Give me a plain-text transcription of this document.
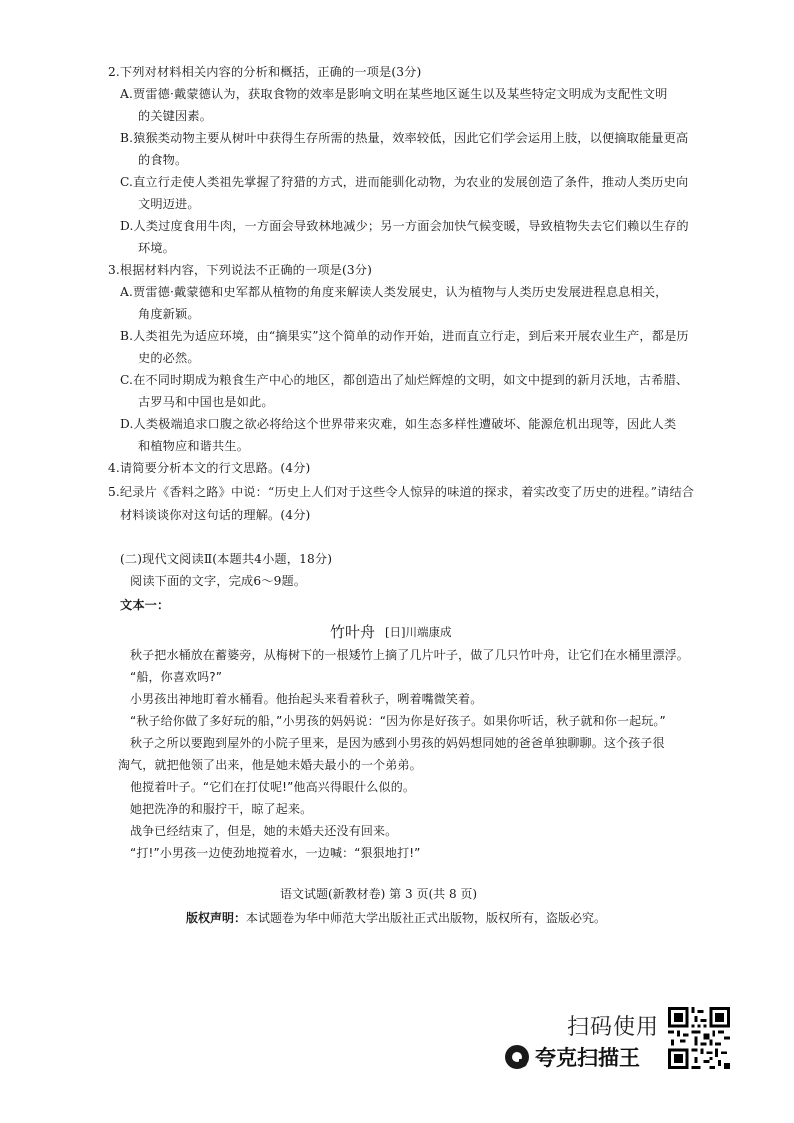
2.下列对材料相关内容的分析和概括，正确的一项是(3分)
A.贾雷德·戴蒙德认为，获取食物的效率是影响文明在某些地区诞生以及某些特定文明成为支配性文明
的关键因素。
B.猿猴类动物主要从树叶中获得生存所需的热量，效率较低，因此它们学会运用上肢，以便摘取能量更高
的食物。
C.直立行走使人类祖先掌握了狩猎的方式，进而能驯化动物，为农业的发展创造了条件，推动人类历史向
文明迈进。
D.人类过度食用牛肉，一方面会导致林地减少；另一方面会加快气候变暖，导致植物失去它们赖以生存的
环境。
3.根据材料内容，下列说法不正确的一项是(3分)
A.贾雷德·戴蒙德和史军都从植物的角度来解读人类发展史，认为植物与人类历史发展进程息息相关，
角度新颖。
B.人类祖先为适应环境，由“摘果实”这个简单的动作开始，进而直立行走，到后来开展农业生产，都是历
史的必然。
C.在不同时期成为粮食生产中心的地区，都创造出了灿烂辉煌的文明，如文中提到的新月沃地，古希腊、
古罗马和中国也是如此。
D.人类极端追求口腹之欲必将给这个世界带来灾难，如生态多样性遭破坏、能源危机出现等，因此人类
和植物应和谐共生。
4.请简要分析本文的行文思路。(4分)
5.纪录片《香料之路》中说：“历史上人们对于这些令人惊异的味道的探求，着实改变了历史的进程。”请结合
材料谈谈你对这句话的理解。(4分)
(二)现代文阅读Ⅱ(本题共4小题，18分)
阅读下面的文字，完成6～9题。
文本一：
竹叶舟 [日]川端康成
秋子把水桶放在蓄婆旁，从梅树下的一根矮竹上摘了几片叶子，做了几只竹叶舟，让它们在水桶里漂浮。
“船，你喜欢吗?”
小男孩出神地盯着水桶看。他抬起头来看着秋子，咧着嘴微笑着。
“秋子给你做了多好玩的船，”小男孩的妈妈说：“因为你是好孩子。如果你听话，秋子就和你一起玩。”
秋子之所以要跑到屋外的小院子里来，是因为感到小男孩的妈妈想同她的爸爸单独聊聊。这个孩子很
淘气，就把他领了出来，他是她未婚夫最小的一个弟弟。
他搅着叶子。“它们在打仗呢!”他高兴得眼什么似的。
她把洗净的和服拧干，晾了起来。
战争已经结束了，但是，她的未婚夫还没有回来。
“打!”小男孩一边使劲地搅着水，一边喊：“狠狠地打!”
语文试题(新教材卷) 第 3 页(共 8 页)
版权声明：本试题卷为华中师范大学出版社正式出版物，版权所有，盗版必究。
扫码使用
夸克扫描王
